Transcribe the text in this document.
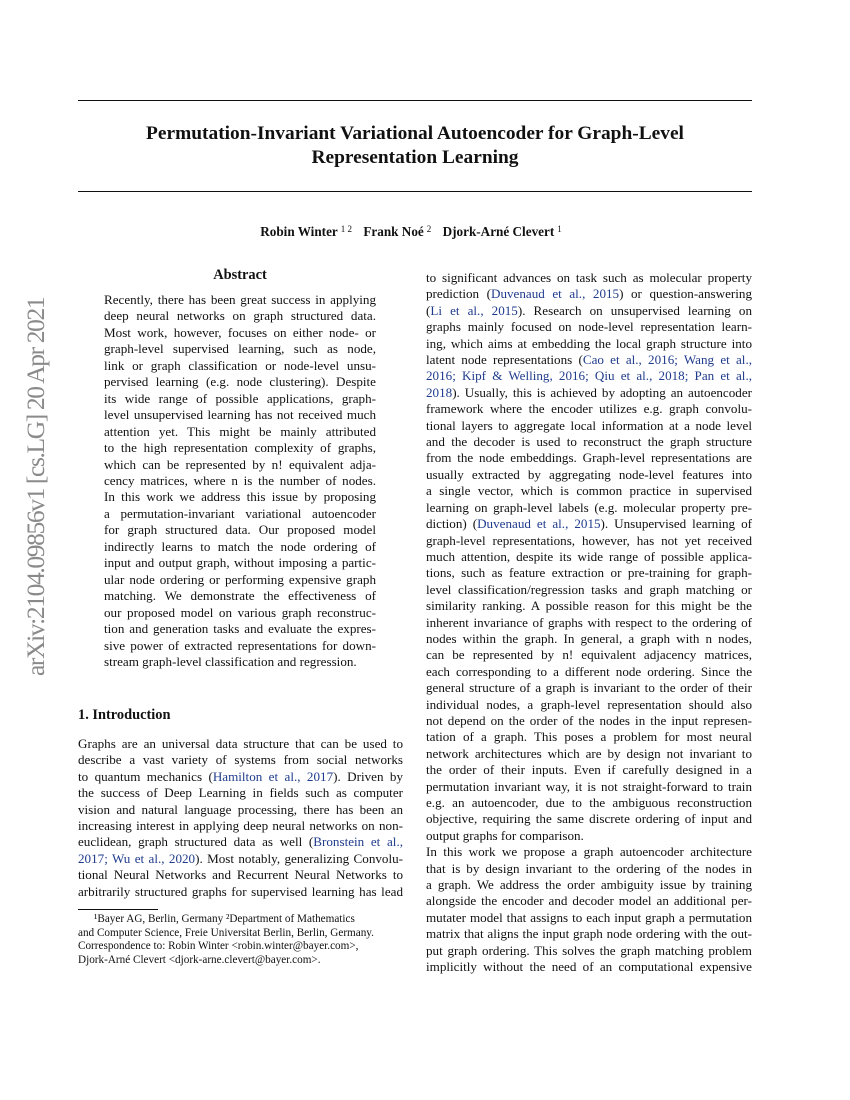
Permutation-Invariant Variational Autoencoder for Graph-Level
Representation Learning
Robin Winter $^{1 2}$ Frank Noé $^2$ Djork-Arné Clevert $^1$
arXiv:2104.09856v1 [cs.LG] 20 Apr 2021
Abstract
Recently, there has been great success in applying
deep neural networks on graph structured data.
Most work, however, focuses on either node- or
graph-level supervised learning, such as node,
link or graph classification or node-level unsu-
pervised learning (e.g. node clustering). Despite
its wide range of possible applications, graph-
level unsupervised learning has not received much
attention yet. This might be mainly attributed
to the high representation complexity of graphs,
which can be represented by n! equivalent adja-
cency matrices, where n is the number of nodes.
In this work we address this issue by proposing
a permutation-invariant variational autoencoder
for graph structured data. Our proposed model
indirectly learns to match the node ordering of
input and output graph, without imposing a partic-
ular node ordering or performing expensive graph
matching. We demonstrate the effectiveness of
our proposed model on various graph reconstruc-
tion and generation tasks and evaluate the expres-
sive power of extracted representations for down-
stream graph-level classification and regression.
1. Introduction
Graphs are an universal data structure that can be used to
describe a vast variety of systems from social networks
to quantum mechanics (Hamilton et al., 2017). Driven by
the success of Deep Learning in fields such as computer
vision and natural language processing, there has been an
increasing interest in applying deep neural networks on non-
euclidean, graph structured data as well (Bronstein et al.,
2017; Wu et al., 2020). Most notably, generalizing Convolu-
tional Neural Networks and Recurrent Neural Networks to
arbitrarily structured graphs for supervised learning has lead
¹Bayer AG, Berlin, Germany ²Department of Mathematics
and Computer Science, Freie Universitat Berlin, Berlin, Germany.
Correspondence to: Robin Winter <robin.winter@bayer.com>,
Djork-Arné Clevert <djork-arne.clevert@bayer.com>.
to significant advances on task such as molecular property
prediction (Duvenaud et al., 2015) or question-answering
(Li et al., 2015). Research on unsupervised learning on
graphs mainly focused on node-level representation learn-
ing, which aims at embedding the local graph structure into
latent node representations (Cao et al., 2016; Wang et al.,
2016; Kipf & Welling, 2016; Qiu et al., 2018; Pan et al.,
2018). Usually, this is achieved by adopting an autoencoder
framework where the encoder utilizes e.g. graph convolu-
tional layers to aggregate local information at a node level
and the decoder is used to reconstruct the graph structure
from the node embeddings. Graph-level representations are
usually extracted by aggregating node-level features into
a single vector, which is common practice in supervised
learning on graph-level labels (e.g. molecular property pre-
diction) (Duvenaud et al., 2015). Unsupervised learning of
graph-level representations, however, has not yet received
much attention, despite its wide range of possible applica-
tions, such as feature extraction or pre-training for graph-
level classification/regression tasks and graph matching or
similarity ranking. A possible reason for this might be the
inherent invariance of graphs with respect to the ordering of
nodes within the graph. In general, a graph with n nodes,
can be represented by n! equivalent adjacency matrices,
each corresponding to a different node ordering. Since the
general structure of a graph is invariant to the order of their
individual nodes, a graph-level representation should also
not depend on the order of the nodes in the input represen-
tation of a graph. This poses a problem for most neural
network architectures which are by design not invariant to
the order of their inputs. Even if carefully designed in a
permutation invariant way, it is not straight-forward to train
e.g. an autoencoder, due to the ambiguous reconstruction
objective, requiring the same discrete ordering of input and
output graphs for comparison.
In this work we propose a graph autoencoder architecture
that is by design invariant to the ordering of the nodes in
a graph. We address the order ambiguity issue by training
alongside the encoder and decoder model an additional per-
mutater model that assigns to each input graph a permutation
matrix that aligns the input graph node ordering with the out-
put graph ordering. This solves the graph matching problem
implicitly without the need of an computational expensive
